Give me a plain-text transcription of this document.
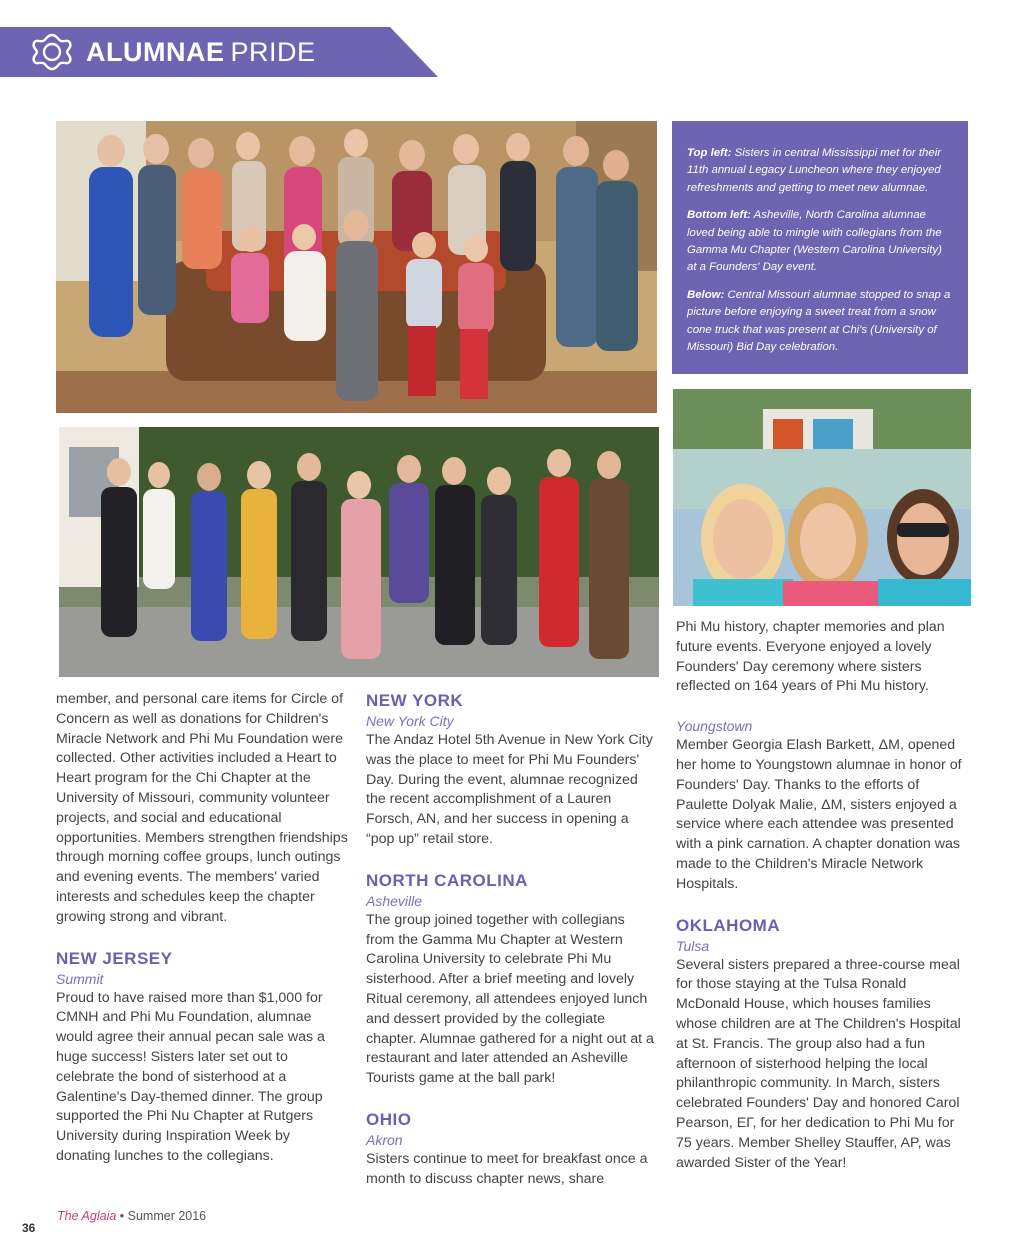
ALUMNAE PRIDE

Top left: Sisters in central Mississippi met for their 11th annual Legacy Luncheon where they enjoyed refreshments and getting to meet new alumnae.

Bottom left: Asheville, North Carolina alumnae loved being able to mingle with collegians from the Gamma Mu Chapter (Western Carolina University) at a Founders' Day event.

Below: Central Missouri alumnae stopped to snap a picture before enjoying a sweet treat from a snow cone truck that was present at Chi's (University of Missouri) Bid Day celebration.

member, and personal care items for Circle of Concern as well as donations for Children's Miracle Network and Phi Mu Foundation were collected. Other activities included a Heart to Heart program for the Chi Chapter at the University of Missouri, community volunteer projects, and social and educational opportunities. Members strengthen friendships through morning coffee groups, lunch outings and evening events. The members' varied interests and schedules keep the chapter growing strong and vibrant.

NEW JERSEY
Summit

Proud to have raised more than $1,000 for CMNH and Phi Mu Foundation, alumnae would agree their annual pecan sale was a huge success! Sisters later set out to celebrate the bond of sisterhood at a Galentine's Day-themed dinner. The group supported the Phi Nu Chapter at Rutgers University during Inspiration Week by donating lunches to the collegians.

NEW YORK
New York City

The Andaz Hotel 5th Avenue in New York City was the place to meet for Phi Mu Founders' Day. During the event, alumnae recognized the recent accomplishment of a Lauren Forsch, AN, and her success in opening a “pop up” retail store.

NORTH CAROLINA
Asheville

The group joined together with collegians from the Gamma Mu Chapter at Western Carolina University to celebrate Phi Mu sisterhood. After a brief meeting and lovely Ritual ceremony, all attendees enjoyed lunch and dessert provided by the collegiate chapter. Alumnae gathered for a night out at a restaurant and later attended an Asheville Tourists game at the ball park!

OHIO
Akron

Sisters continue to meet for breakfast once a month to discuss chapter news, share

Phi Mu history, chapter memories and plan future events. Everyone enjoyed a lovely Founders' Day ceremony where sisters reflected on 164 years of Phi Mu history.

Youngstown

Member Georgia Elash Barkett, ΔM, opened her home to Youngstown alumnae in honor of Founders' Day. Thanks to the efforts of Paulette Dolyak Malie, ΔM, sisters enjoyed a service where each attendee was presented with a pink carnation. A chapter donation was made to the Children's Miracle Network Hospitals.

OKLAHOMA
Tulsa

Several sisters prepared a three-course meal for those staying at the Tulsa Ronald McDonald House, which houses families whose children are at The Children's Hospital at St. Francis. The group also had a fun afternoon of sisterhood helping the local philanthropic community. In March, sisters celebrated Founders' Day and honored Carol Pearson, EΓ, for her dedication to Phi Mu for 75 years. Member Shelley Stauffer, AP, was awarded Sister of the Year!

36
The Aglaia • Summer 2016
